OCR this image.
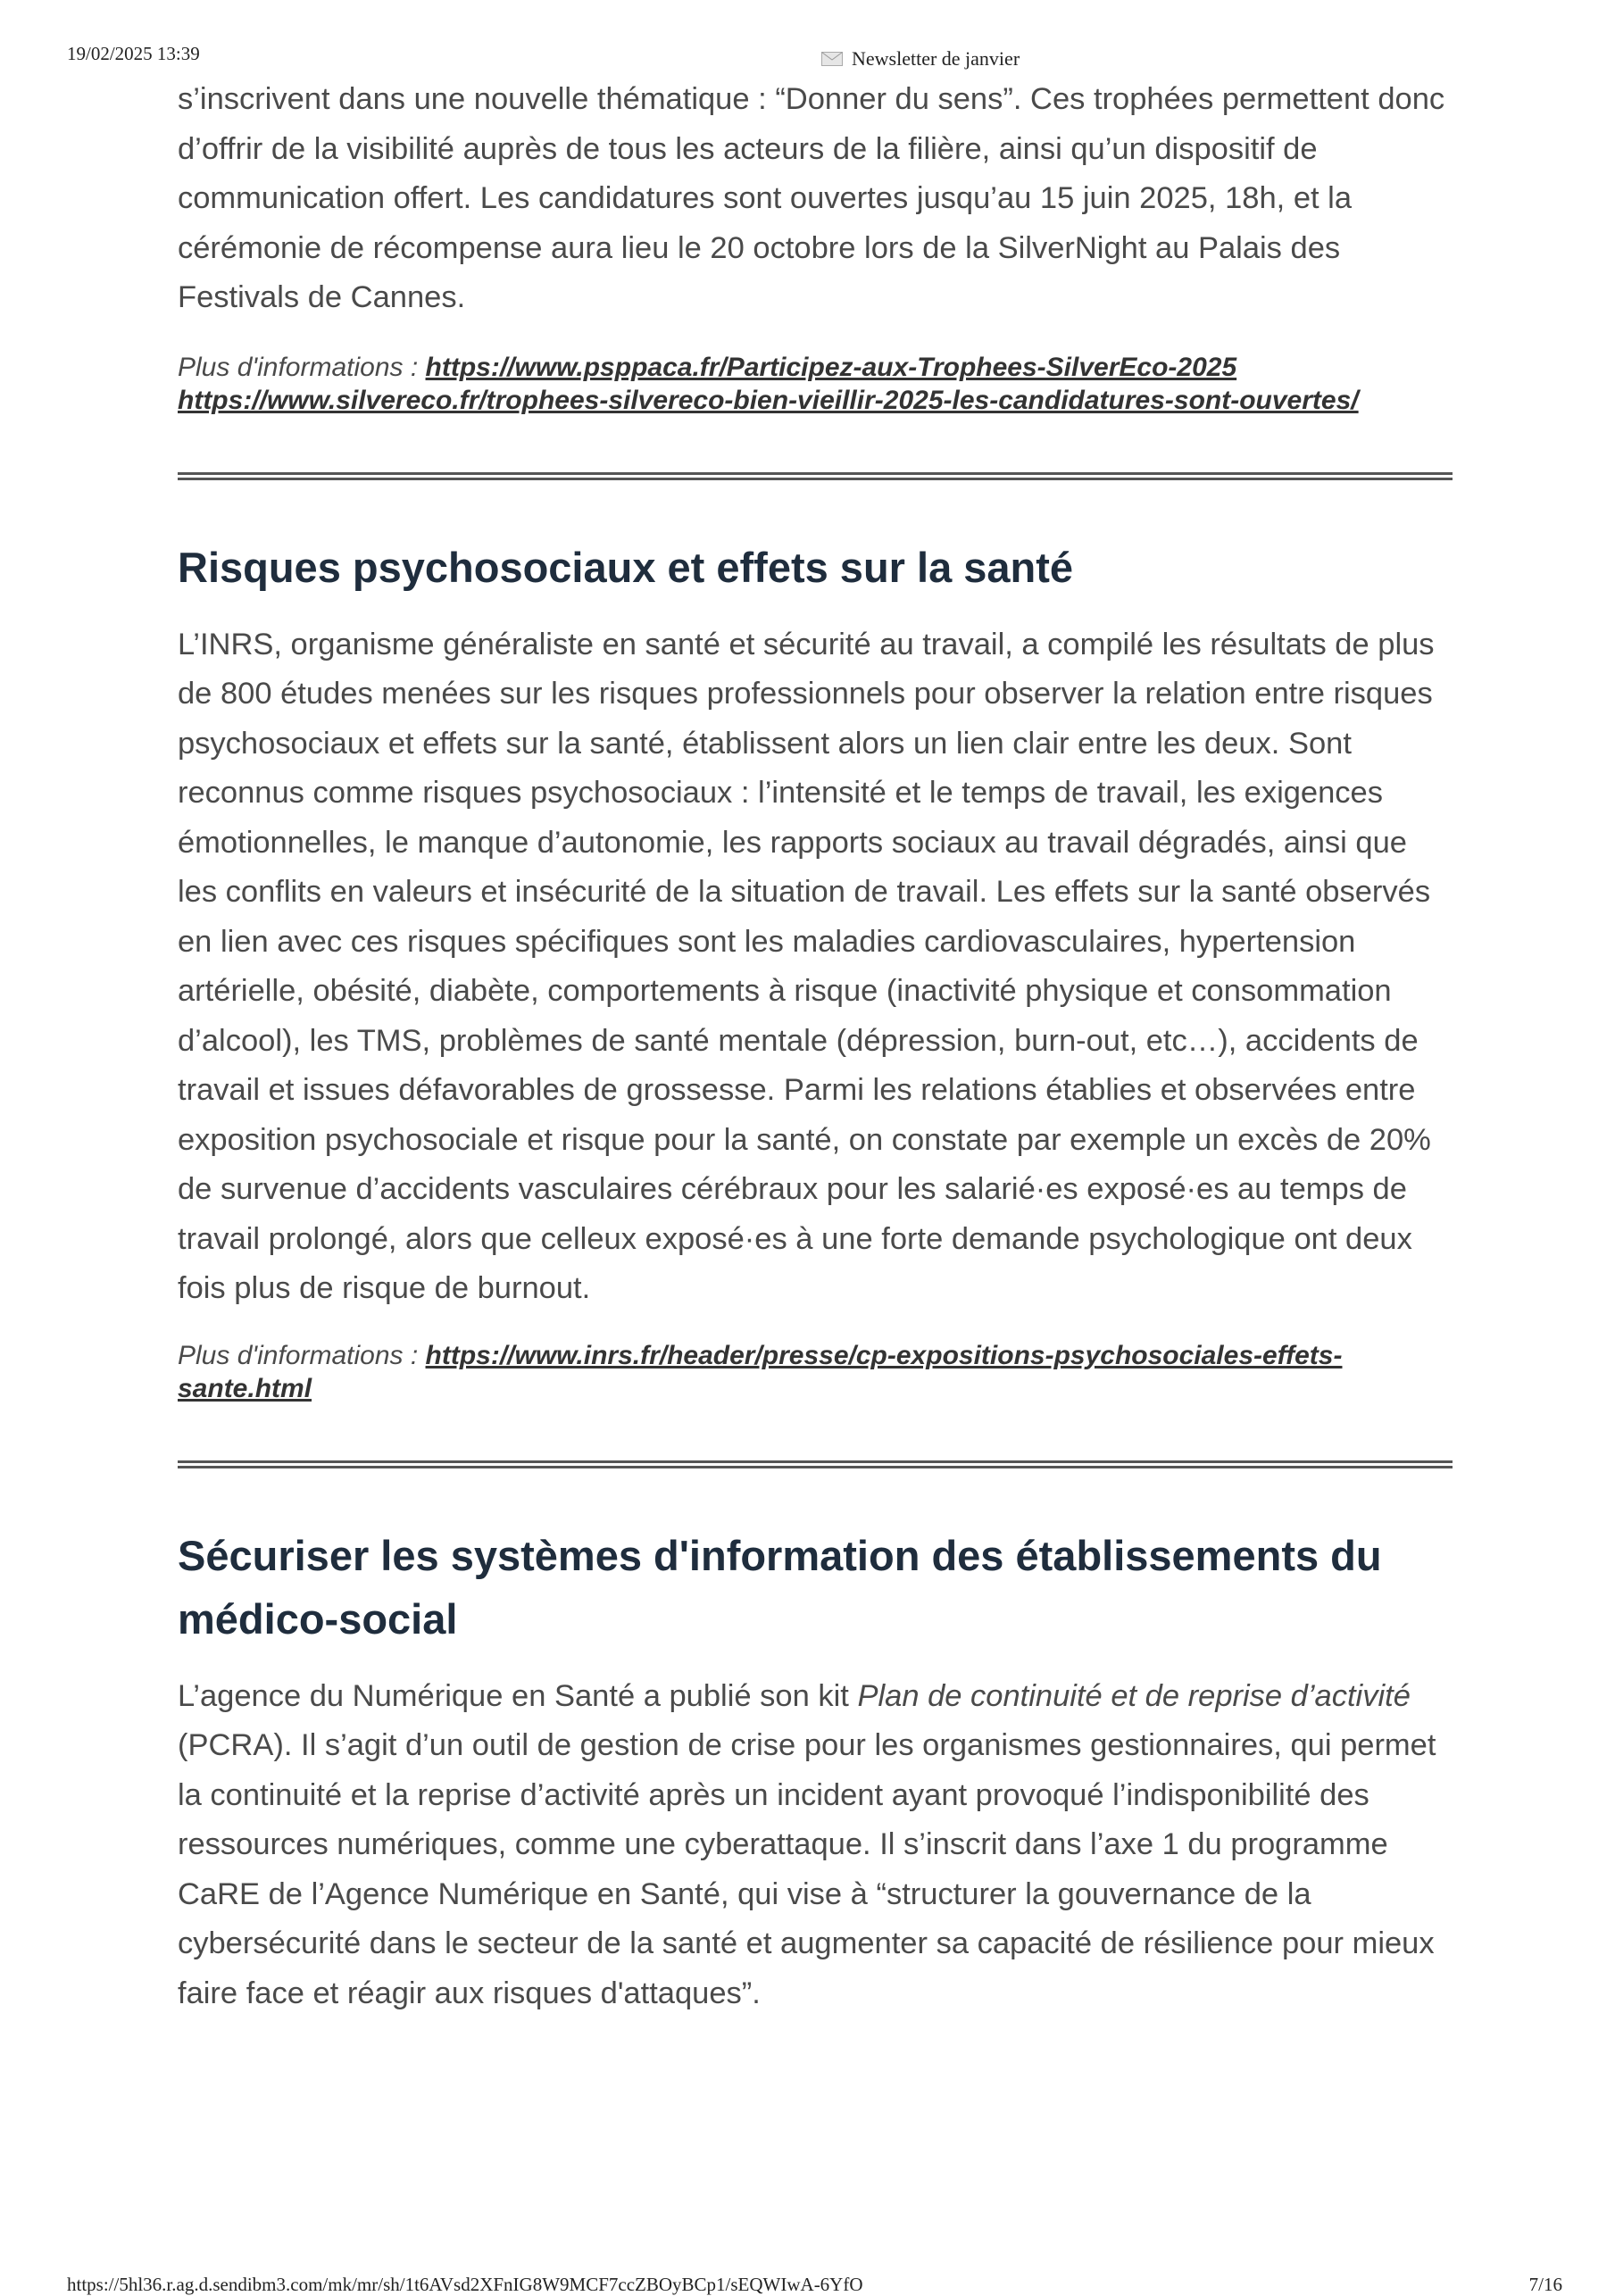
19/02/2025 13:39	Newsletter de janvier

s’inscrivent dans une nouvelle thématique : “Donner du sens”. Ces trophées permettent donc d’offrir de la visibilité auprès de tous les acteurs de la filière, ainsi qu’un dispositif de communication offert. Les candidatures sont ouvertes jusqu’au 15 juin 2025, 18h, et la cérémonie de récompense aura lieu le 20 octobre lors de la SilverNight au Palais des Festivals de Cannes.

Plus d'informations : https://www.psppaca.fr/Participez-aux-Trophees-SilverEco-2025
https://www.silvereco.fr/trophees-silvereco-bien-vieillir-2025-les-candidatures-sont-ouvertes/
Risques psychosociaux et effets sur la santé

L’INRS, organisme généraliste en santé et sécurité au travail, a compilé les résultats de plus de 800 études menées sur les risques professionnels pour observer la relation entre risques psychosociaux et effets sur la santé, établissent alors un lien clair entre les deux. Sont reconnus comme risques psychosociaux : l’intensité et le temps de travail, les exigences émotionnelles, le manque d’autonomie, les rapports sociaux au travail dégradés, ainsi que les conflits en valeurs et insécurité de la situation de travail. Les effets sur la santé observés en lien avec ces risques spécifiques sont les maladies cardiovasculaires, hypertension artérielle, obésité, diabète, comportements à risque (inactivité physique et consommation d’alcool), les TMS, problèmes de santé mentale (dépression, burn-out, etc…), accidents de travail et issues défavorables de grossesse. Parmi les relations établies et observées entre exposition psychosociale et risque pour la santé, on constate par exemple un excès de 20% de survenue d’accidents vasculaires cérébraux pour les salarié·es exposé·es au temps de travail prolongé, alors que celleux exposé·es à une forte demande psychologique ont deux fois plus de risque de burnout.

Plus d'informations : https://www.inrs.fr/header/presse/cp-expositions-psychosociales-effets-sante.html
Sécuriser les systèmes d'information des établissements du médico-social

L’agence du Numérique en Santé a publié son kit Plan de continuité et de reprise d’activité (PCRA). Il s’agit d’un outil de gestion de crise pour les organismes gestionnaires, qui permet la continuité et la reprise d’activité après un incident ayant provoqué l’indisponibilité des ressources numériques, comme une cyberattaque. Il s’inscrit dans l’axe 1 du programme CaRE de l’Agence Numérique en Santé, qui vise à “structurer la gouvernance de la cybersécurité dans le secteur de la santé et augmenter sa capacité de résilience pour mieux faire face et réagir aux risques d'attaques”.

https://5hl36.r.ag.d.sendibm3.com/mk/mr/sh/1t6AVsd2XFnIG8W9MCF7ccZBOyBCp1/sEQWIwA-6YfO	7/16
